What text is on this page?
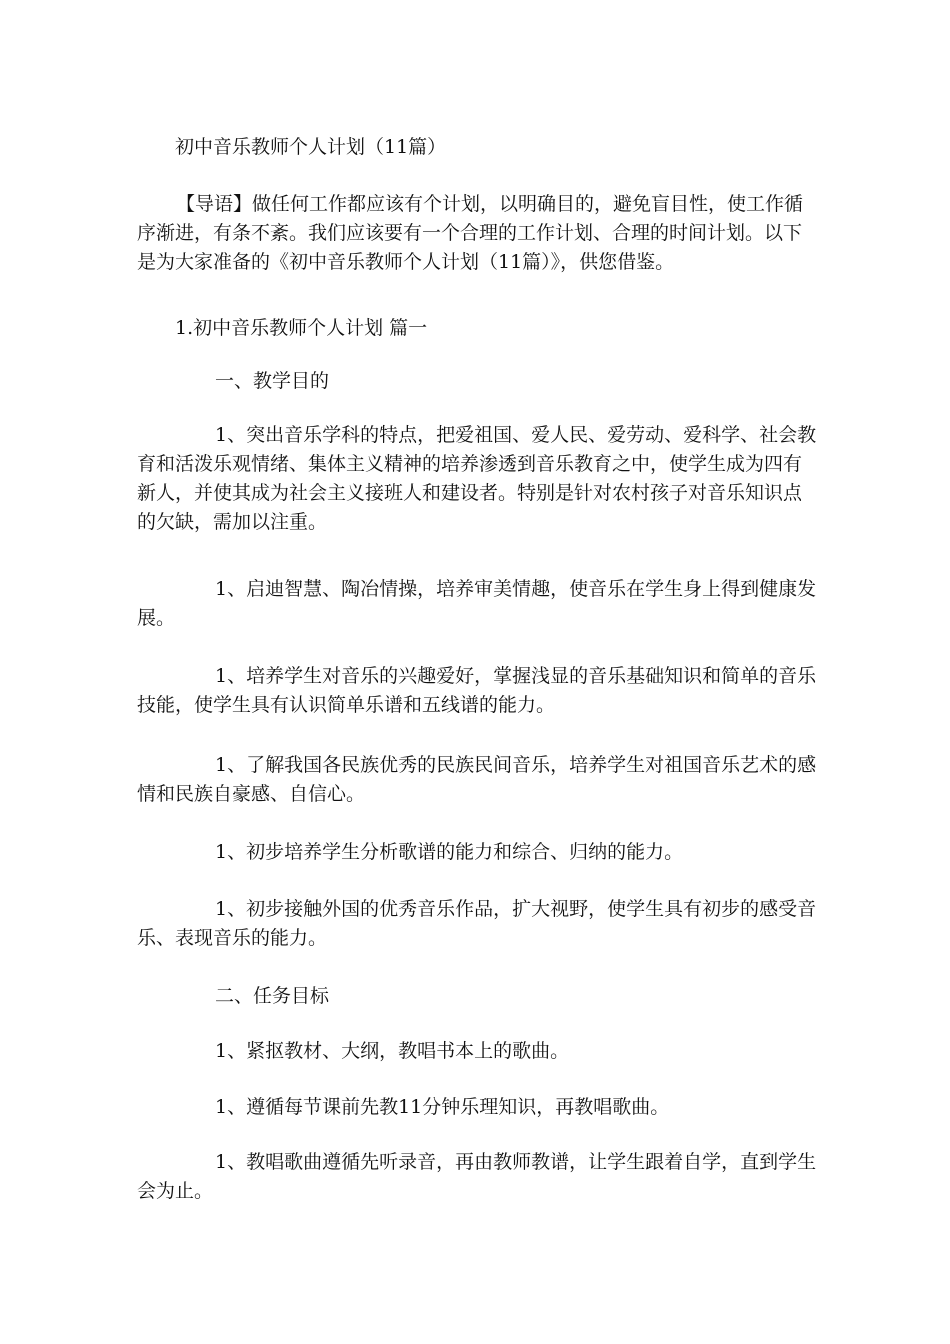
初中音乐教师个人计划（11篇）

【导语】做任何工作都应该有个计划，以明确目的，避免盲目性，使工作循序渐进，有条不紊。我们应该要有一个合理的工作计划、合理的时间计划。以下是为大家准备的《初中音乐教师个人计划（11篇）》，供您借鉴。

1.初中音乐教师个人计划 篇一
一、教学目的

1、突出音乐学科的特点，把爱祖国、爱人民、爱劳动、爱科学、社会教育和活泼乐观情绪、集体主义精神的培养渗透到音乐教育之中，使学生成为四有新人，并使其成为社会主义接班人和建设者。特别是针对农村孩子对音乐知识点的欠缺，需加以注重。

1、启迪智慧、陶冶情操，培养审美情趣，使音乐在学生身上得到健康发展。

1、培养学生对音乐的兴趣爱好，掌握浅显的音乐基础知识和简单的音乐技能，使学生具有认识简单乐谱和五线谱的能力。

1、了解我国各民族优秀的民族民间音乐，培养学生对祖国音乐艺术的感情和民族自豪感、自信心。

1、初步培养学生分析歌谱的能力和综合、归纳的能力。

1、初步接触外国的优秀音乐作品，扩大视野，使学生具有初步的感受音乐、表现音乐的能力。

二、任务目标

1、紧抠教材、大纲，教唱书本上的歌曲。

1、遵循每节课前先教11分钟乐理知识，再教唱歌曲。

1、教唱歌曲遵循先听录音，再由教师教谱，让学生跟着自学，直到学生会为止。
